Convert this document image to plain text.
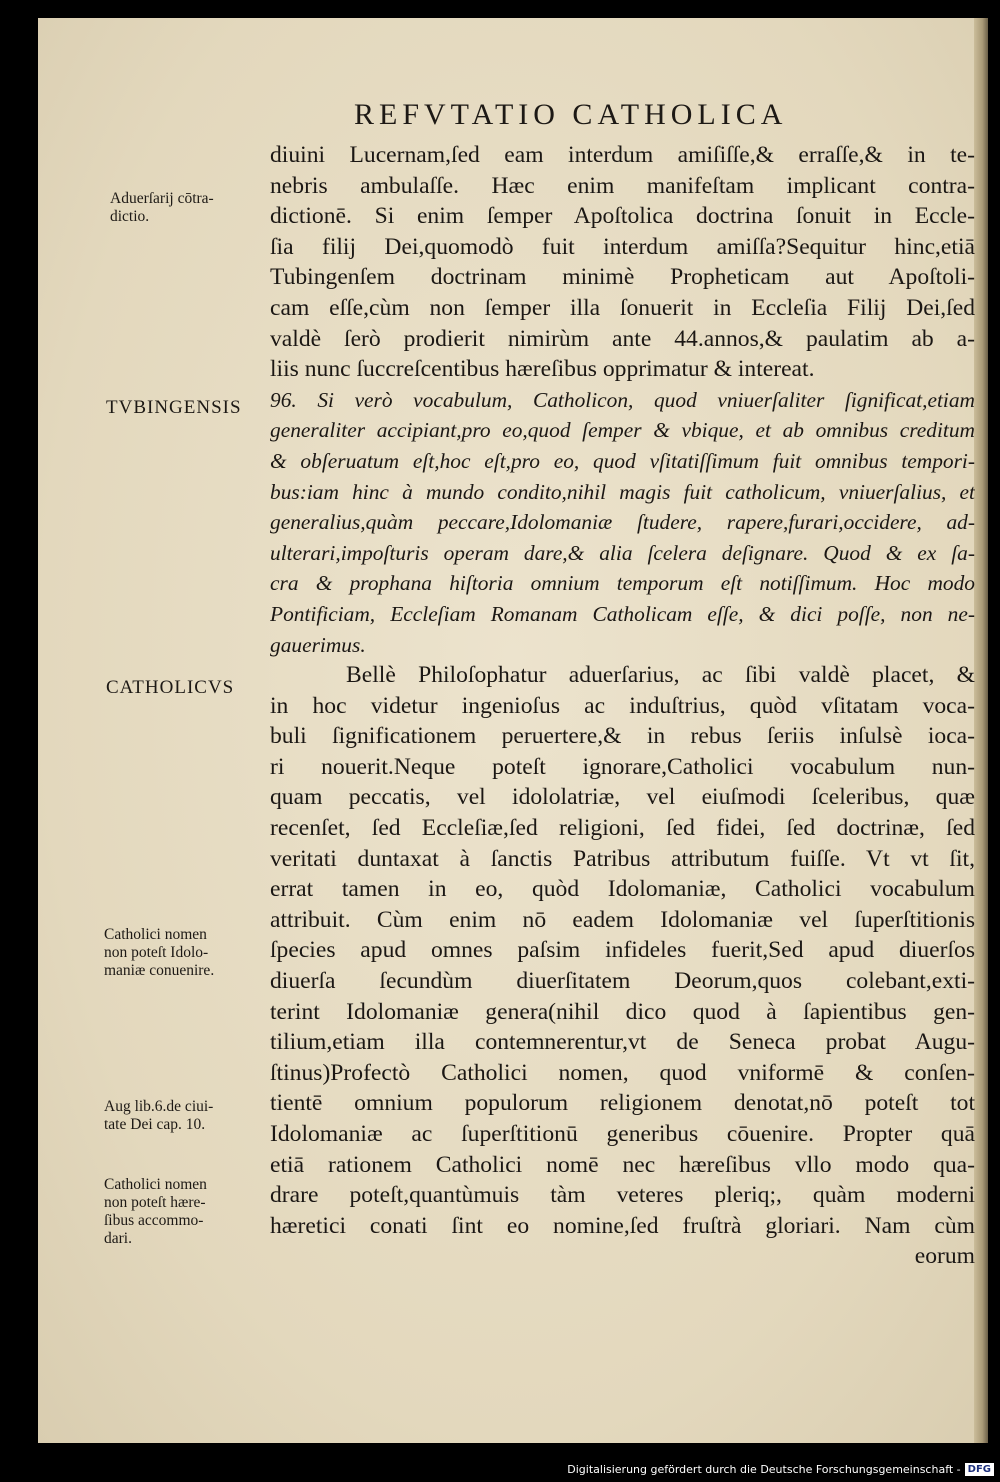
REFVTATIO CATHOLICA
Aduerſarij cōtra-
dictio.
TVBINGENSIS
CATHOLICVS
Catholici nomen
non poteſt Idolo-
maniæ conuenire.
Aug lib.6.de ciui-
tate Dei cap. 10.
Catholici nomen
non poteſt hære-
ſibus accommo-
dari.
diuini Lucernam,ſed eam interdum amiſiſſe,& erraſſe,& in te-
nebris ambulaſſe. Hæc enim manifeſtam implicant contra-
dictionē. Si enim ſemper Apoſtolica doctrina ſonuit in Eccle-
ſia filij Dei,quomodò fuit interdum amiſſa?Sequitur hinc,etiā
Tubingenſem doctrinam minimè Propheticam aut Apoſtoli-
cam eſſe,cùm non ſemper illa ſonuerit in Eccleſia Filij Dei,ſed
valdè ſerò prodierit nimirùm ante 44.annos,& paulatim ab a-
liis nunc ſuccreſcentibus hæreſibus opprimatur & intereat.
96. Si verò vocabulum, Catholicon, quod vniuerſaliter ſignificat,etiam
generaliter accipiant,pro eo,quod ſemper & vbique, et ab omnibus creditum
& obſeruatum eſt,hoc eſt,pro eo, quod vſitatiſſimum fuit omnibus tempori-
bus:iam hinc à mundo condito,nihil magis fuit catholicum, vniuerſalius, et
generalius,quàm peccare,Idolomaniæ ſtudere, rapere,furari,occidere, ad-
ulterari,impoſturis operam dare,& alia ſcelera deſignare. Quod & ex ſa-
cra & prophana hiſtoria omnium temporum eſt notiſſimum. Hoc modo
Pontificiam, Eccleſiam Romanam Catholicam eſſe, & dici poſſe, non ne-
gauerimus.
Bellè Philoſophatur aduerſarius, ac ſibi valdè placet, &
in hoc videtur ingenioſus ac induſtrius, quòd vſitatam voca-
buli ſignificationem peruertere,& in rebus ſeriis inſulsè ioca-
ri nouerit.Neque poteſt ignorare,Catholici vocabulum nun-
quam peccatis, vel idololatriæ, vel eiuſmodi ſceleribus, quæ
recenſet, ſed Eccleſiæ,ſed religioni, ſed fidei, ſed doctrinæ, ſed
veritati duntaxat à ſanctis Patribus attributum fuiſſe. Vt vt ſit,
errat tamen in eo, quòd Idolomaniæ, Catholici vocabulum
attribuit. Cùm enim nō eadem Idolomaniæ vel ſuperſtitionis
ſpecies apud omnes paſsim infideles fuerit,Sed apud diuerſos
diuerſa ſecundùm diuerſitatem Deorum,quos colebant,exti-
terint Idolomaniæ genera(nihil dico quod à ſapientibus gen-
tilium,etiam illa contemnerentur,vt de Seneca probat Augu-
ſtinus)Profectò Catholici nomen, quod vniformē & conſen-
tientē omnium populorum religionem denotat,nō poteſt tot
Idolomaniæ ac ſuperſtitionū generibus cōuenire. Propter quā
etiā rationem Catholici nomē nec hæreſibus vllo modo qua-
drare poteſt,quantùmuis tàm veteres pleriq;, quàm moderni
hæretici conati ſint eo nomine,ſed fruſtrà gloriari. Nam cùm
eorum
Digitalisierung gefördert durch die Deutsche Forschungsgemeinschaft - DFG
